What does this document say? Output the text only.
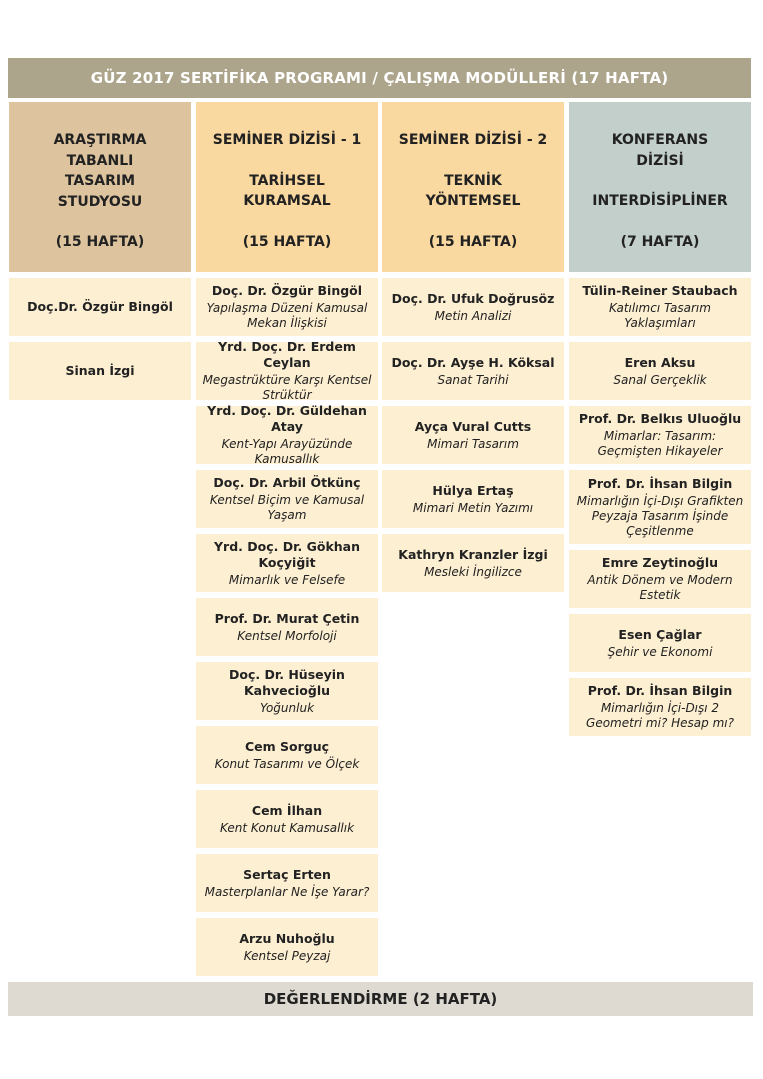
GÜZ 2017 SERTİFİKA PROGRAMI / ÇALIŞMA MODÜLLERİ (17 HAFTA)
ARAŞTIRMA
TABANLI
TASARIM
STUDYOSU
(15 HAFTA)
Doç.Dr. Özgür Bingöl
Sinan İzgi
SEMİNER DİZİSİ - 1
TARİHSEL
KURAMSAL
(15 HAFTA)
Doç. Dr. Özgür Bingöl
Yapılaşma Düzeni Kamusal Mekan İlişkisi
Yrd. Doç. Dr. Erdem Ceylan
Megastrüktüre Karşı Kentsel Strüktür
Yrd. Doç. Dr. Güldehan Atay
Kent-Yapı Arayüzünde Kamusallık
Doç. Dr. Arbil Ötkünç
Kentsel Biçim ve Kamusal Yaşam
Yrd. Doç. Dr. Gökhan Koçyiğit
Mimarlık ve Felsefe
Prof. Dr. Murat Çetin
Kentsel Morfoloji
Doç. Dr. Hüseyin Kahvecioğlu
Yoğunluk
Cem Sorguç
Konut Tasarımı ve Ölçek
Cem İlhan
Kent Konut Kamusallık
Sertaç Erten
Masterplanlar Ne İşe Yarar?
Arzu Nuhoğlu
Kentsel Peyzaj
SEMİNER DİZİSİ - 2
TEKNİK
YÖNTEMSEL
(15 HAFTA)
Doç. Dr. Ufuk Doğrusöz
Metin Analizi
Doç. Dr. Ayşe H. Köksal
Sanat Tarihi
Ayça Vural Cutts
Mimari Tasarım
Hülya Ertaş
Mimari Metin Yazımı
Kathryn Kranzler İzgi
Mesleki İngilizce
KONFERANS
DİZİSİ
INTERDİSİPLİNER
(7 HAFTA)
Tülin-Reiner Staubach
Katılımcı Tasarım Yaklaşımları
Eren Aksu
Sanal Gerçeklik
Prof. Dr. Belkıs Uluoğlu
Mimarlar: Tasarım: Geçmişten Hikayeler
Prof. Dr. İhsan Bilgin
Mimarlığın İçi-Dışı Grafikten Peyzaja Tasarım İşinde Çeşitlenme
Emre Zeytinoğlu
Antik Dönem ve Modern Estetik
Esen Çağlar
Şehir ve Ekonomi
Prof. Dr. İhsan Bilgin
Mimarlığın İçi-Dışı 2 Geometri mi? Hesap mı?
DEĞERLENDİRME (2 HAFTA)
